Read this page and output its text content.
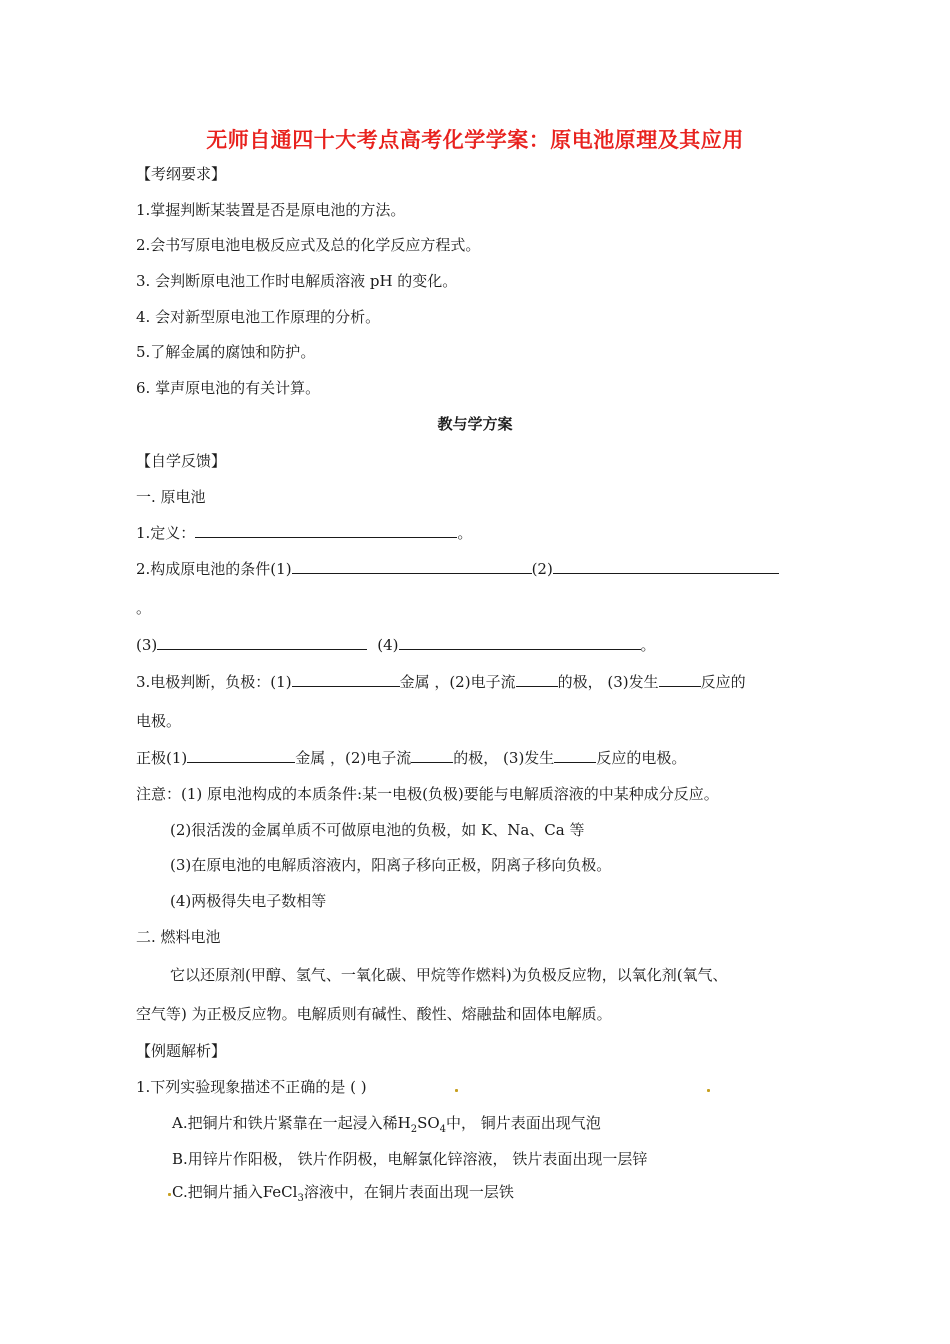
无师自通四十大考点高考化学学案：原电池原理及其应用
【考纲要求】
1.掌握判断某装置是否是原电池的方法。
2.会书写原电池电极反应式及总的化学反应方程式。
3. 会判断原电池工作时电解质溶液 pH 的变化。
4. 会对新型原电池工作原理的分析。
5.了解金属的腐蚀和防护。
6. 掌声原电池的有关计算。
教与学方案
【自学反馈】
一. 原电池
1.定义：	。
2.构成原电池的条件(1)	(2)
。
(3)	(4)	。
3.电极判断，负极：(1)	金属 ，(2)电子流	的极， (3)发生	反应的
电极。
正极(1)	金属 ，(2)电子流	的极， (3)发生	反应的电极。
注意：(1) 原电池构成的本质条件:某一电极(负极)要能与电解质溶液的中某种成分反应。
(2)很活泼的金属单质不可做原电池的负极，如 K、Na、Ca 等
(3)在原电池的电解质溶液内，阳离子移向正极，阴离子移向负极。
(4)两极得失电子数相等
二. 燃料电池
它以还原剂(甲醇、氢气、一氧化碳、甲烷等作燃料)为负极反应物，以氧化剂(氧气、
空气等) 为正极反应物。电解质则有碱性、酸性、熔融盐和固体电解质。
【例题解析】
1.下列实验现象描述不正确的是 ( )
A.把铜片和铁片紧靠在一起浸入稀$H_2SO_4$中， 铜片表面出现气泡
B.用锌片作阳极， 铁片作阴极，电解氯化锌溶液， 铁片表面出现一层锌
C.把铜片插入FeCl$_3$溶液中，在铜片表面出现一层铁
